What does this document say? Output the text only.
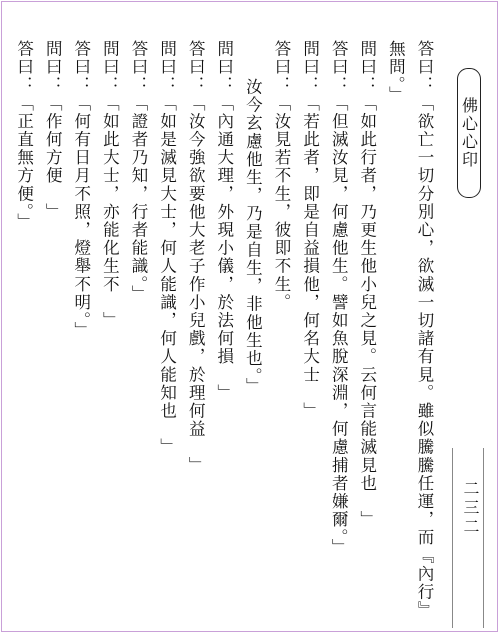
佛心心印
答曰：「欲亡一切分別心，欲滅一切諸有見。雖似騰騰任運，而『內行』
無問。」
問曰：「如此行者，乃更生他小兒之見。云何言能滅見也　」
答曰：「但滅汝見，何慮他生。譬如魚脫深淵，何慮捕者嫌爾。」
問曰：「若此者，即是自益損他，何名大士　」
答曰：「汝見若不生，彼即不生。
汝今玄慮他生，乃是自生，非他生也。」
問曰：「內通大理，外現小儀，於法何損　」
答曰：「汝今強欲要他大老子作小兒戲，於理何益　」
問曰：「如是滅見大士，何人能識，何人能知也　」
答曰：「證者乃知，行者能識。」
問曰：「如此大士，亦能化生不　」
答曰：「何有日月不照，燈舉不明。」
問曰：「作何方便　」
答曰：「正直無方便。」
二三二
